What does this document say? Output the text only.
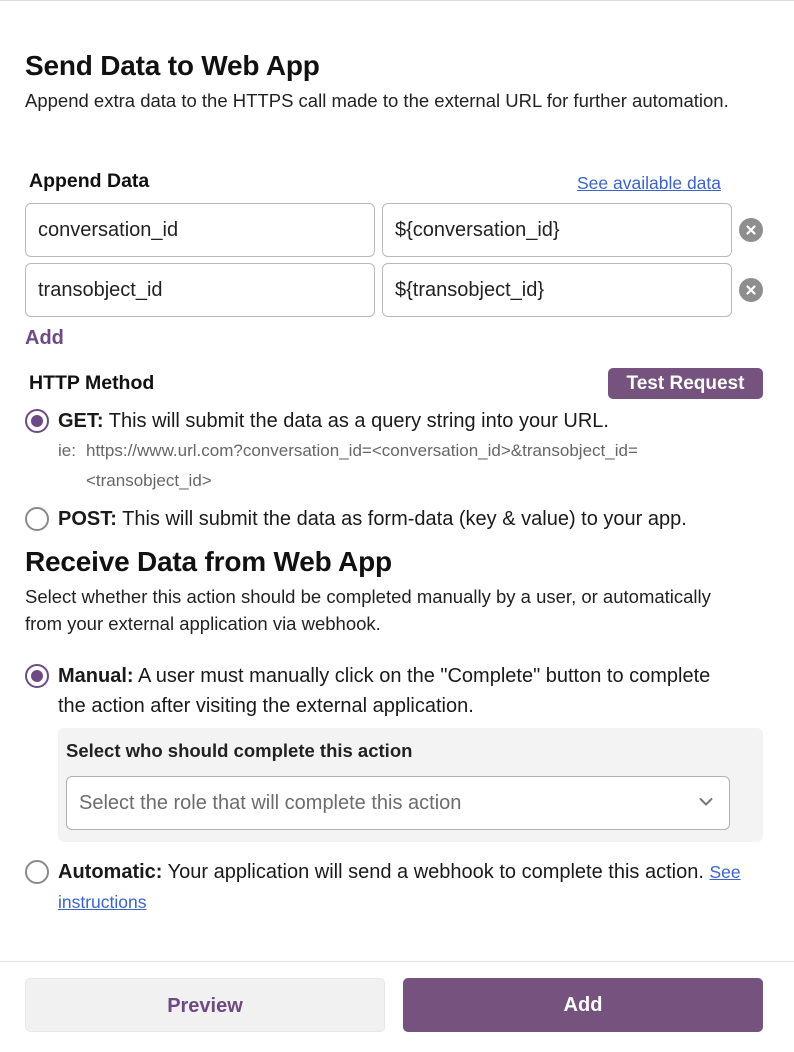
Send Data to Web App

Append extra data to the HTTPS call made to the external URL for further automation.

Append Data	See available data
conversation_id	${conversation_id}
transobject_id	${transobject_id}
Add
HTTP Method	Test Request
GET: This will submit the data as a query string into your URL.
ie: https://www.url.com?conversation_id=<conversation_id>&transobject_id=
<transobject_id>
POST: This will submit the data as form-data (key & value) to your app.
Receive Data from Web App

Select whether this action should be completed manually by a user, or automatically from your external application via webhook.

Manual: A user must manually click on the "Complete" button to complete the action after visiting the external application.
Select who should complete this action
Select the role that will complete this action
Automatic: Your application will send a webhook to complete this action. See instructions
Preview	Add
